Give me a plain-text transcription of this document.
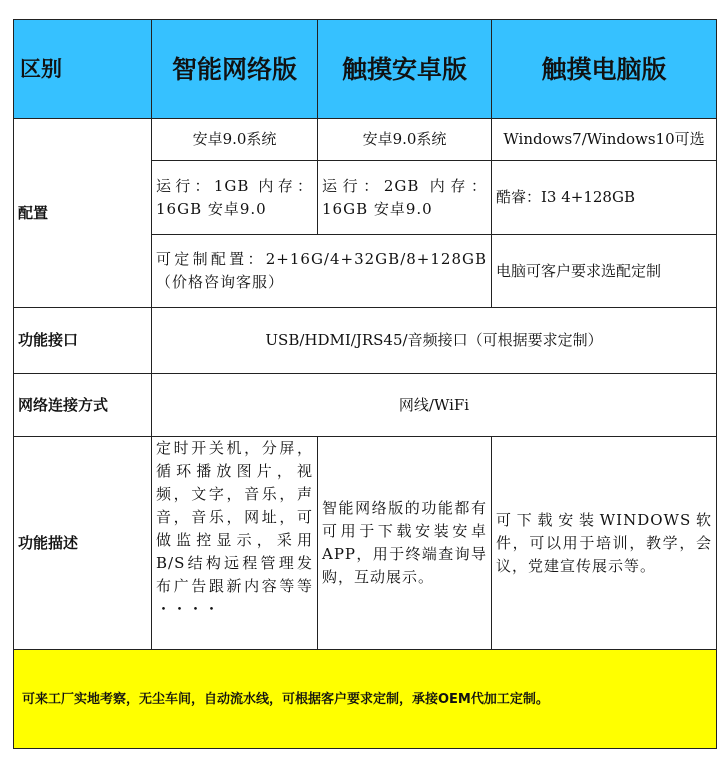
区别	智能网络版	触摸安卓版	触摸电脑版
配置	安卓9.0系统	安卓9.0系统	Windows7/Windows10可选
	运行：1GB 内存：16GB 安卓9.0	运行：2GB 内存：16GB 安卓9.0	酷睿：I3 4+128GB
	可定制配置：2+16G/4+32GB/8+128GB（价格咨询客服）		电脑可客户要求选配定制
功能接口	USB/HDMI/JRS45/音频接口（可根据要求定制）		
网络连接方式	网线/WiFi		
功能描述	定时开关机，分屏，循环播放图片，视频，文字，音乐，声音，音乐，网址，可做监控显示，采用B/S结构远程管理发布广告跟新内容等等 ・・・・	智能网络版的功能都有 可用于下载安装安卓APP，用于终端查询导购，互动展示。	可下载安装WINDOWS软件，可以用于培训，教学，会议，党建宣传展示等。
可来工厂实地考察，无尘车间，自动流水线，可根据客户要求定制，承接OEM代加工定制。			
